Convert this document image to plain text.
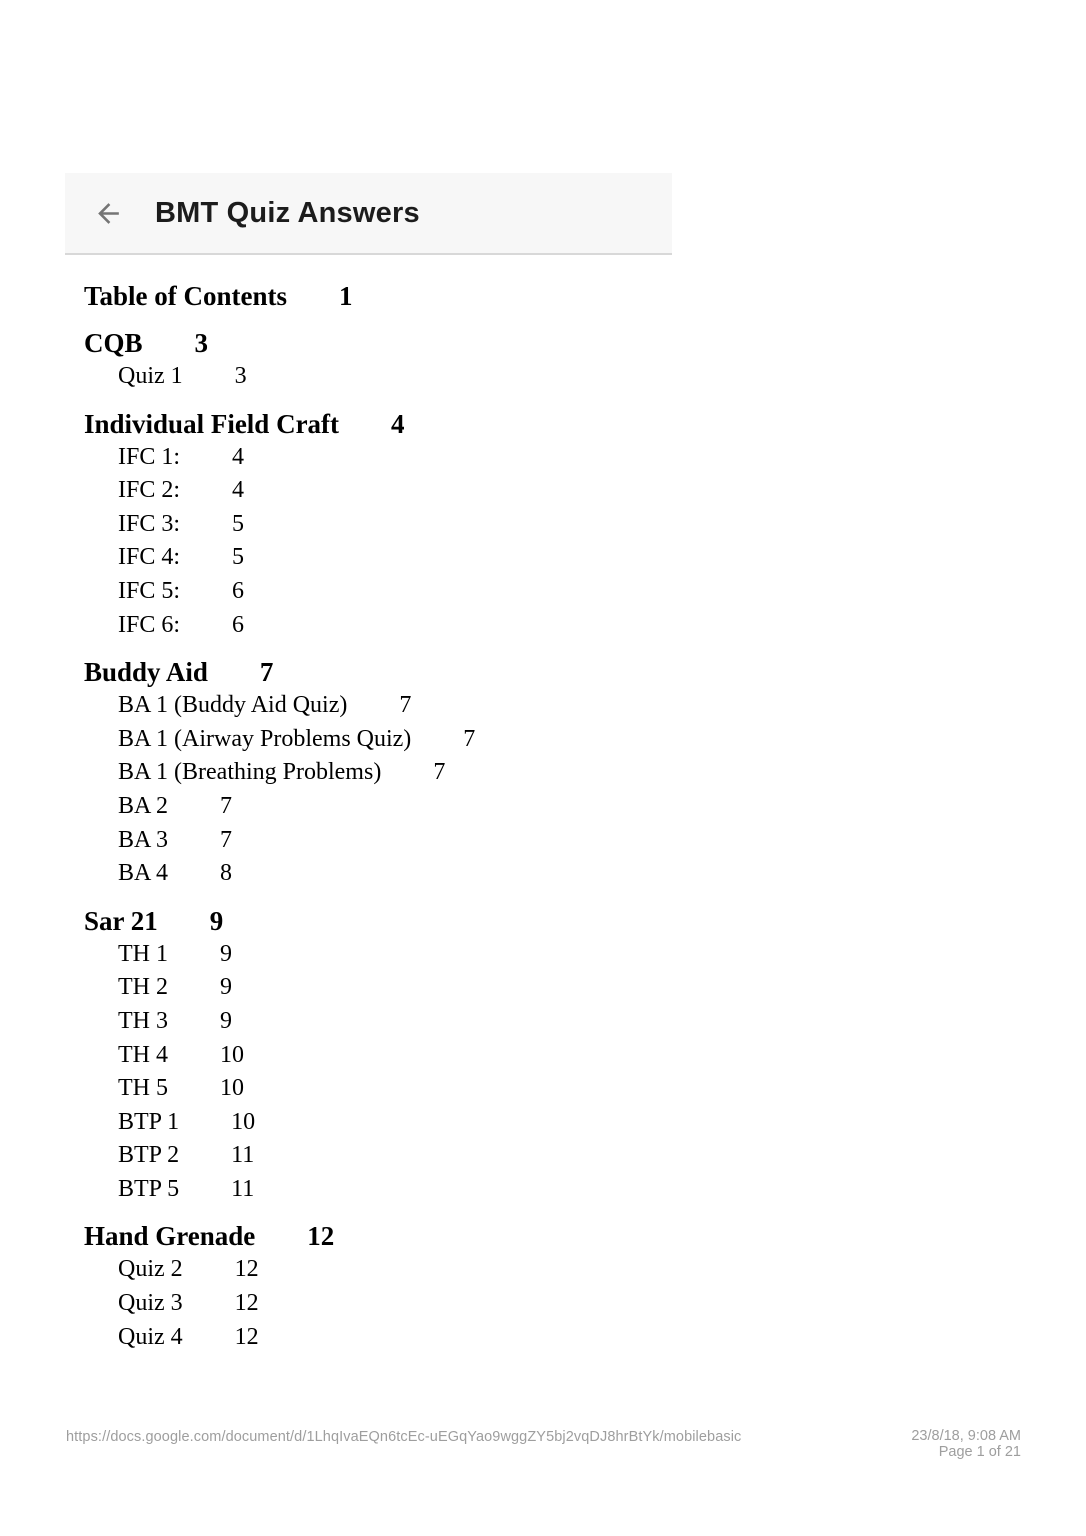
BMT Quiz Answers
Table of Contents 1
CQB 3
Quiz 1 3
Individual Field Craft 4
IFC 1: 4
IFC 2: 4
IFC 3: 5
IFC 4: 5
IFC 5: 6
IFC 6: 6
Buddy Aid 7
BA 1 (Buddy Aid Quiz) 7
BA 1 (Airway Problems Quiz) 7
BA 1 (Breathing Problems) 7
BA 2 7
BA 3 7
BA 4 8
Sar 21 9
TH 1 9
TH 2 9
TH 3 9
TH 4 10
TH 5 10
BTP 1 10
BTP 2 11
BTP 5 11
Hand Grenade 12
Quiz 2 12
Quiz 3 12
Quiz 4 12
https://docs.google.com/document/d/1LhqIvaEQn6tcEc-uEGqYao9wggZY5bj2vqDJ8hrBtYk/mobilebasic	23/8/18, 9:08 AM
Page 1 of 21
